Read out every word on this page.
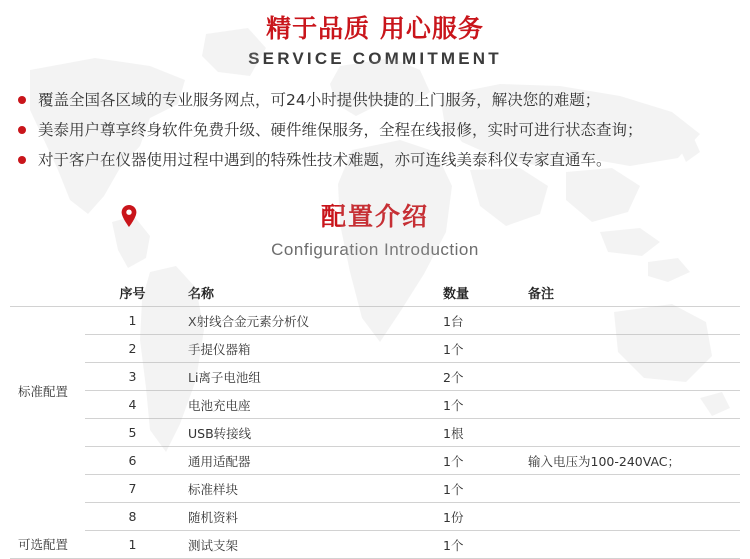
精于品质 用心服务
SERVICE COMMITMENT
覆盖全国各区域的专业服务网点，可24小时提供快捷的上门服务，解决您的难题；
美泰用户尊享终身软件免费升级、硬件维保服务，全程在线报修，实时可进行状态查询；
对于客户在仪器使用过程中遇到的特殊性技术难题，亦可连线美泰科仪专家直通车。
配置介绍
Configuration Introduction
	序号	名称	数量	备注
	1	X射线合金元素分析仪	1台	
	2	手提仪器箱	1个	
标准配置	3	Li离子电池组	2个	
	4	电池充电座	1个	
	5	USB转接线	1根	
	6	通用适配器	1个	输入电压为100-240VAC；
	7	标准样块	1个	
	8	随机资料	1份	
可选配置	1	测试支架	1个	
